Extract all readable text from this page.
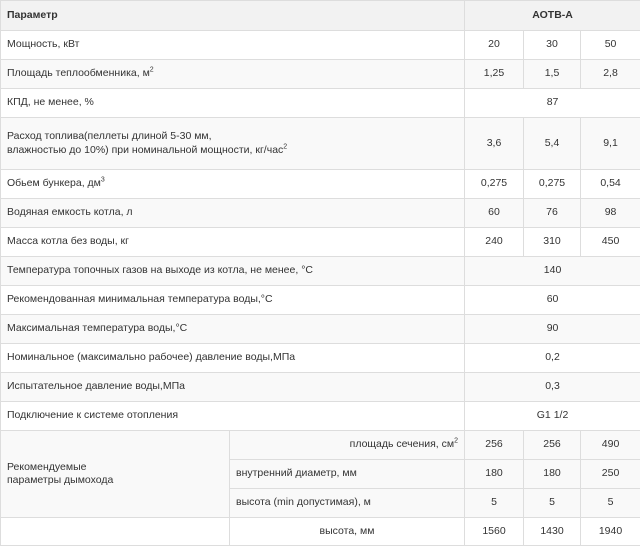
Параметр		АОТВ-А		
Мощность, кВт		20	30	50
Площадь теплообменника, $м^2$		1,25	1,5	2,8
КПД, не менее, %		87		
Расход топлива(пеллеты длиной 5-30 мм,
влажностью до 10%) при номинальной мощности, кг/час$^2$		3,6	5,4	9,1
Обьем бункера, $дм^3$		0,275	0,275	0,54
Водяная емкость котла, л		60	76	98
Масса котла без воды, кг		240	310	450
Температура топочных газов на выходе из котла, не менее, °С		140		
Рекомендованная минимальная температура воды,°С		60		
Максимальная температура воды,°С		90		
Номинальное (максимально рабочее) давление воды,МПа		0,2		
Испытательное давление воды,МПа		0,3		
Подключение к системе отопления		G1 1/2		
Рекомендуемые
параметры дымохода	площадь сечения, $см^2$	256	256	490
	внутренний диаметр, мм	180	180	250
	высота (min допустимая), м	5	5	5
	высота, мм	1560	1430	1940
